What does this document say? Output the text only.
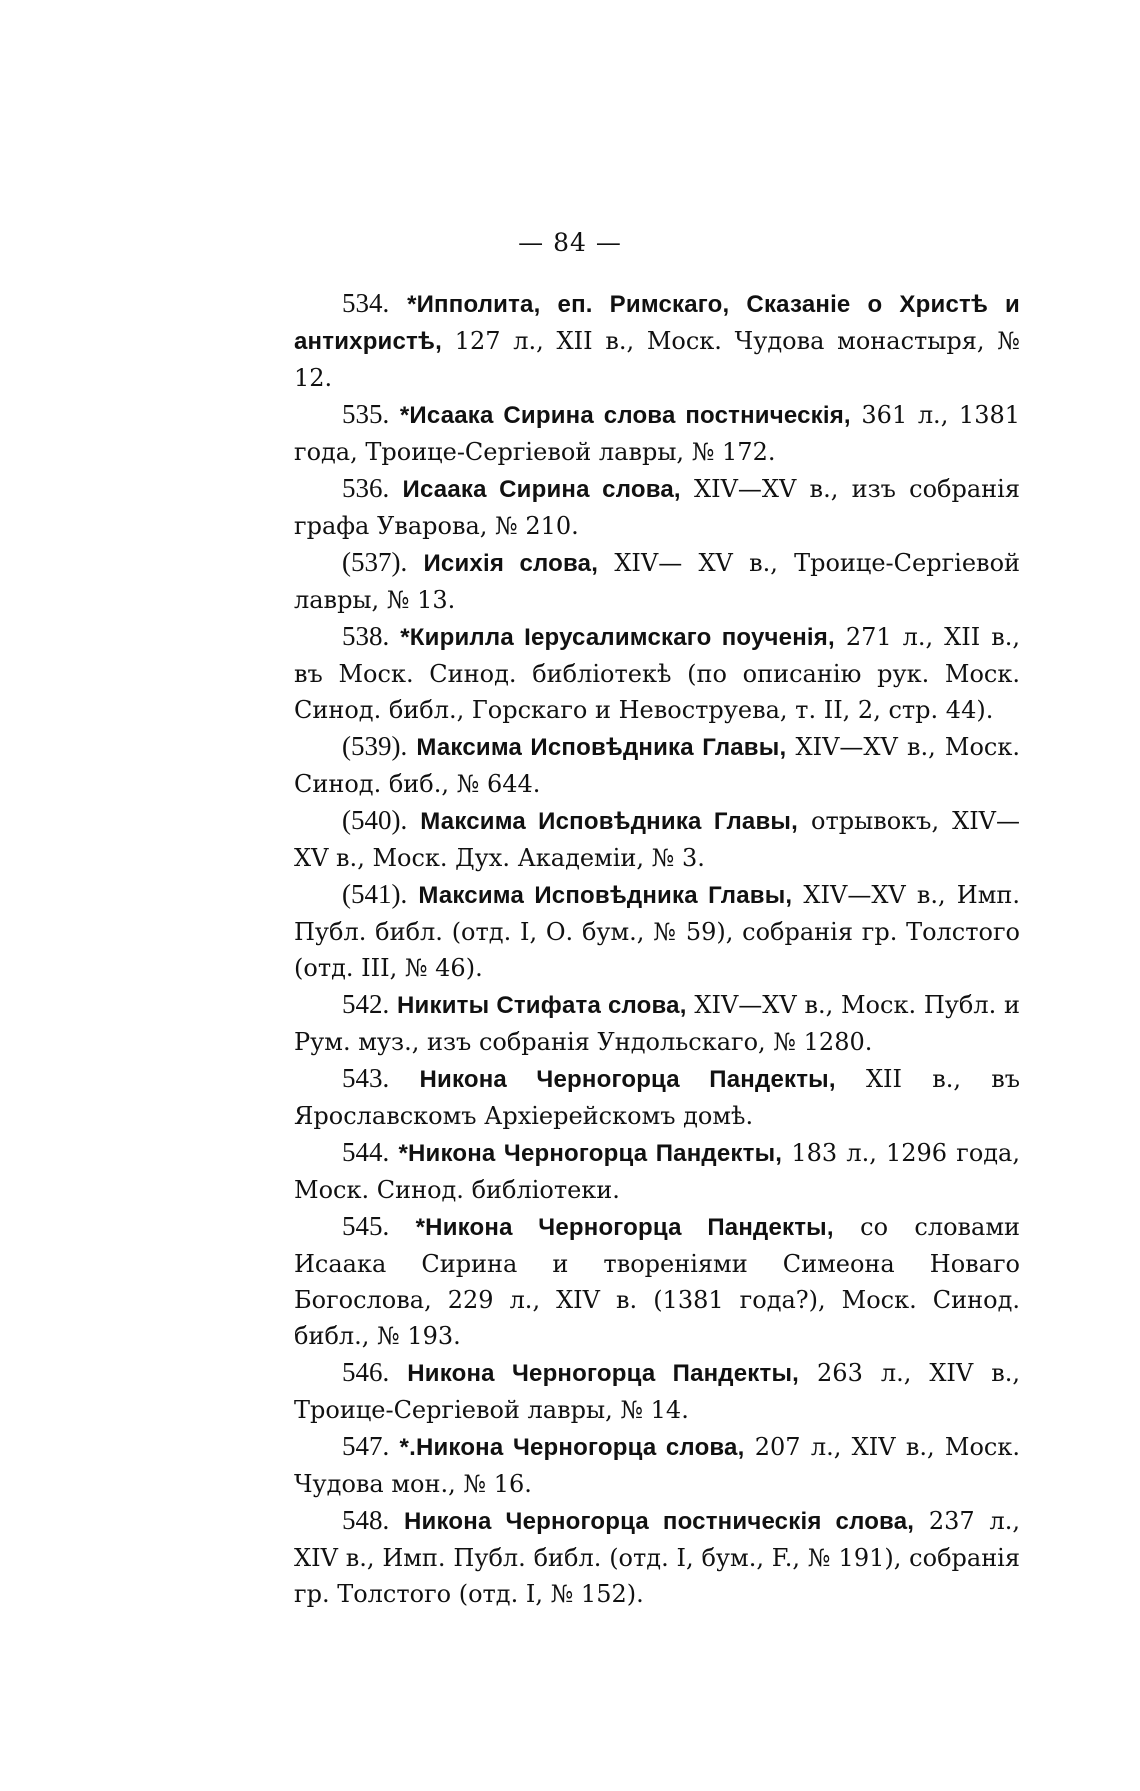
— 84 —

534. *Ипполита, еп. Римскаго, Сказаніе о Христѣ и антихристѣ, 127 л., XII в., Моск. Чудова монастыря, № 12.

535. *Исаака Сирина слова постническія, 361 л., 1381 года, Троице-Сергіевой лавры, № 172.

536. Исаака Сирина слова, XIV—XV в., изъ собранія графа Уварова, № 210.

(537). Исихія слова, XIV— XV в., Троице-Сергіевой лавры, № 13.

538. *Кирилла Іерусалимскаго поученія, 271 л., XII в., въ Моск. Синод. библіотекѣ (по описанію рук. Моск. Синод. библ., Горскаго и Невоструева, т. II, 2, стр. 44).

(539). Максима Исповѣдника Главы, XIV—XV в., Моск. Синод. биб., № 644.

(540). Максима Исповѣдника Главы, отрывокъ, XIV—XV в., Моск. Дух. Академіи, № 3.

(541). Максима Исповѣдника Главы, XIV—XV в., Имп. Публ. библ. (отд. I, О. бум., № 59), собранія гр. Толстого (отд. III, № 46).

542. Никиты Стифата слова, XIV—XV в., Моск. Публ. и Рум. муз., изъ собранія Ундольскаго, № 1280.

543. Никона Черногорца Пандекты, XII в., въ Ярославскомъ Архіерейскомъ домѣ.

544. *Никона Черногорца Пандекты, 183 л., 1296 года, Моск. Синод. библіотеки.

545. *Никона Черногорца Пандекты, со словами Исаака Сирина и твореніями Симеона Новаго Богослова, 229 л., XIV в. (1381 года?), Моск. Синод. библ., № 193.

546. Никона Черногорца Пандекты, 263 л., XIV в., Троице-Сергіевой лавры, № 14.

547. *.Никона Черногорца слова, 207 л., XIV в., Моск. Чудова мон., № 16.

548. Никона Черногорца постническія слова, 237 л., XIV в., Имп. Публ. библ. (отд. I, бум., F., № 191), собранія гр. Толстого (отд. I, № 152).
